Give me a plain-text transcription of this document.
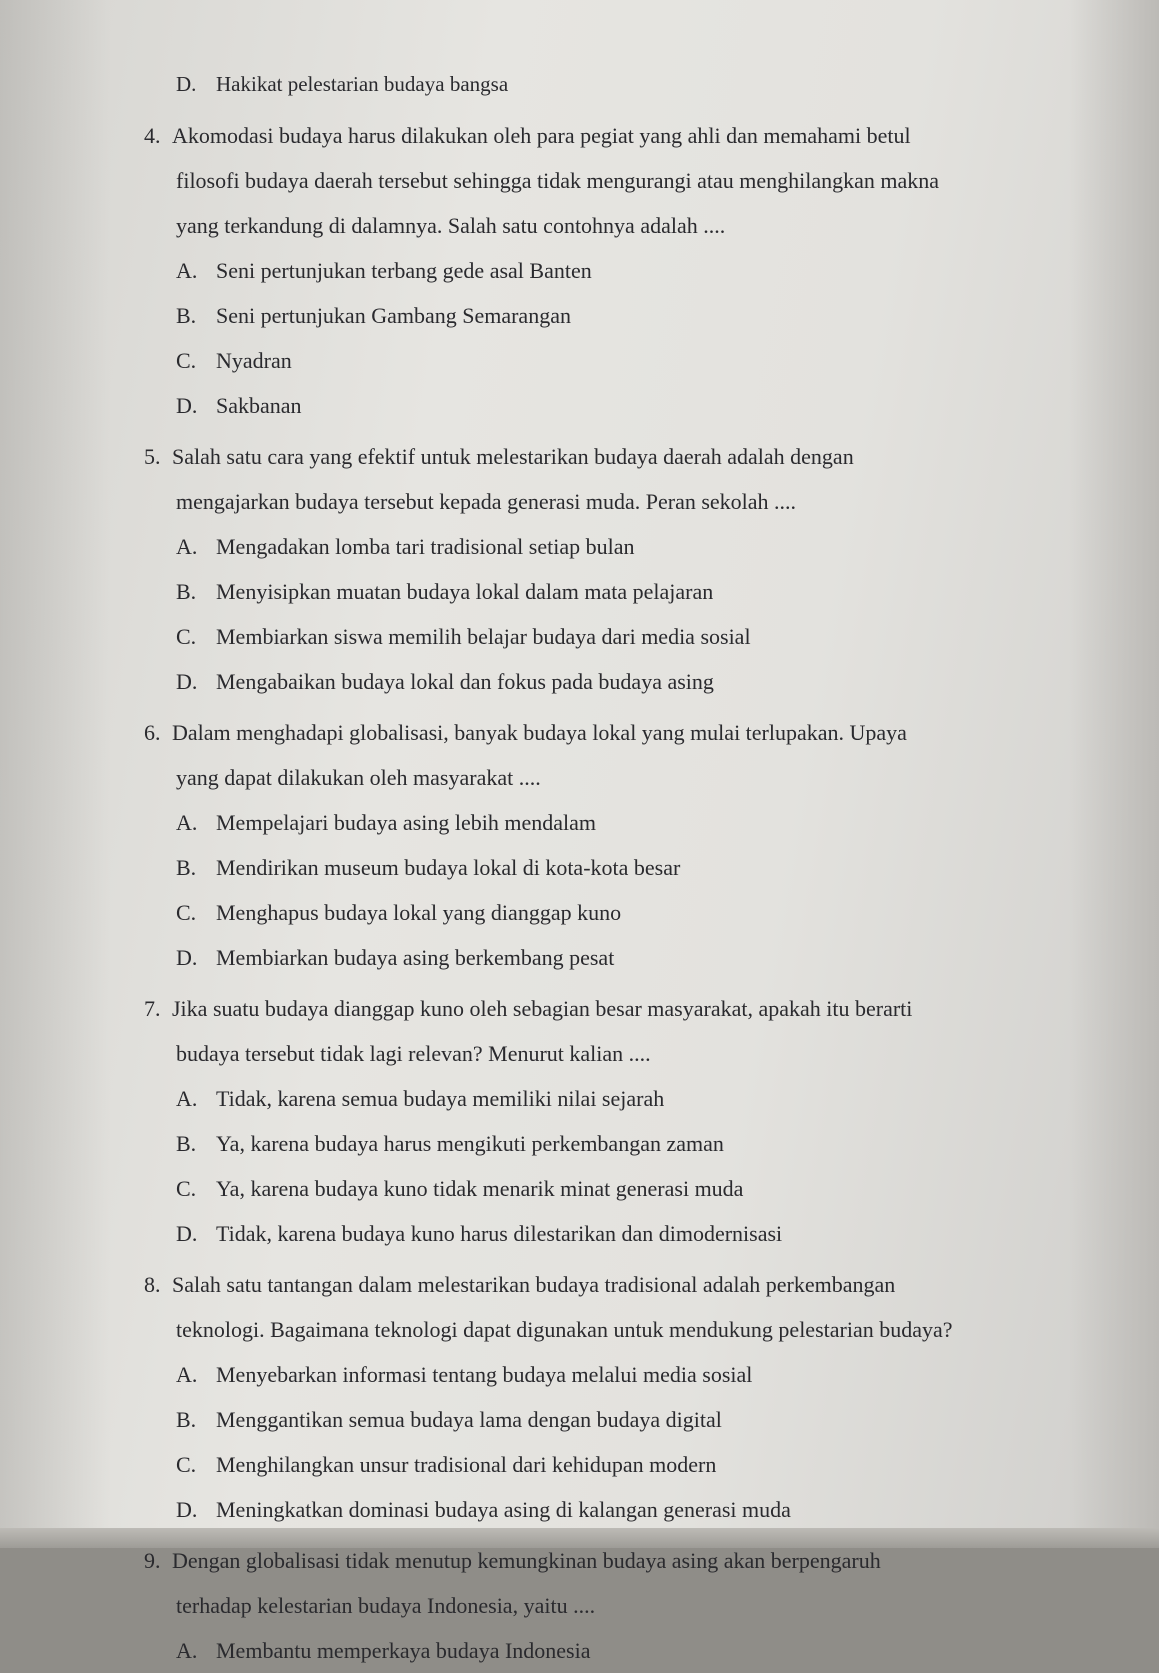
D. Hakikat pelestarian budaya bangsa
4. Akomodasi budaya harus dilakukan oleh para pegiat yang ahli dan memahami betul
filosofi budaya daerah tersebut sehingga tidak mengurangi atau menghilangkan makna
yang terkandung di dalamnya. Salah satu contohnya adalah ....
A. Seni pertunjukan terbang gede asal Banten
B. Seni pertunjukan Gambang Semarangan
C. Nyadran
D. Sakbanan
5. Salah satu cara yang efektif untuk melestarikan budaya daerah adalah dengan
mengajarkan budaya tersebut kepada generasi muda. Peran sekolah ....
A. Mengadakan lomba tari tradisional setiap bulan
B. Menyisipkan muatan budaya lokal dalam mata pelajaran
C. Membiarkan siswa memilih belajar budaya dari media sosial
D. Mengabaikan budaya lokal dan fokus pada budaya asing
6. Dalam menghadapi globalisasi, banyak budaya lokal yang mulai terlupakan. Upaya
yang dapat dilakukan oleh masyarakat ....
A. Mempelajari budaya asing lebih mendalam
B. Mendirikan museum budaya lokal di kota-kota besar
C. Menghapus budaya lokal yang dianggap kuno
D. Membiarkan budaya asing berkembang pesat
7. Jika suatu budaya dianggap kuno oleh sebagian besar masyarakat, apakah itu berarti
budaya tersebut tidak lagi relevan? Menurut kalian ....
A. Tidak, karena semua budaya memiliki nilai sejarah
B. Ya, karena budaya harus mengikuti perkembangan zaman
C. Ya, karena budaya kuno tidak menarik minat generasi muda
D. Tidak, karena budaya kuno harus dilestarikan dan dimodernisasi
8. Salah satu tantangan dalam melestarikan budaya tradisional adalah perkembangan
teknologi. Bagaimana teknologi dapat digunakan untuk mendukung pelestarian budaya?
A. Menyebarkan informasi tentang budaya melalui media sosial
B. Menggantikan semua budaya lama dengan budaya digital
C. Menghilangkan unsur tradisional dari kehidupan modern
D. Meningkatkan dominasi budaya asing di kalangan generasi muda
9. Dengan globalisasi tidak menutup kemungkinan budaya asing akan berpengaruh
terhadap kelestarian budaya Indonesia, yaitu ....
A. Membantu memperkaya budaya Indonesia
